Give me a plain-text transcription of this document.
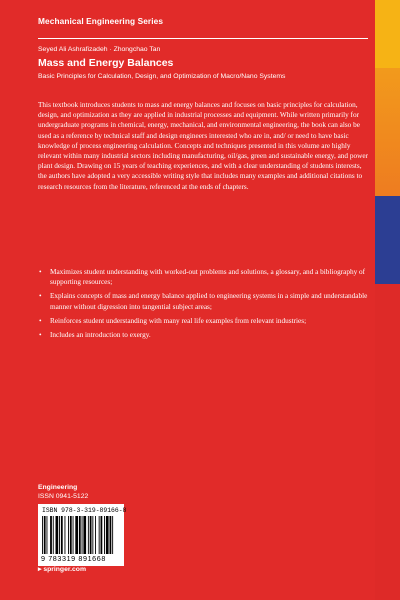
Mechanical Engineering Series
Seyed Ali Ashrafizadeh · Zhongchao Tan
Mass and Energy Balances
Basic Principles for Calculation, Design, and Optimization of Macro/Nano Systems

This textbook introduces students to mass and energy balances and focuses on basic principles for calculation, design, and optimization as they are applied in industrial processes and equipment. While written primarily for undergraduate programs in chemical, energy, mechanical, and environmental engineering, the book can also be used as a reference by technical staff and design engineers interested who are in, and/ or need to have basic knowledge of process engineering calculation. Concepts and techniques presented in this volume are highly relevant within many industrial sectors including manufacturing, oil/gas, green and sustainable energy, and power plant design. Drawing on 15 years of teaching experiences, and with a clear understanding of students interests, the authors have adopted a very accessible writing style that includes many examples and additional citations to research resources from the literature, referenced at the ends of chapters.

• Maximizes student understanding with worked-out problems and solutions, a glossary, and a bibliography of supporting resources;
• Explains concepts of mass and energy balance applied to engineering systems in a simple and understandable manner without digression into tangential subject areas;
• Reinforces student understanding with many real life examples from relevant industries;
• Includes an introduction to exergy.
Engineering
ISSN 0941-5122
ISBN 978-3-319-89166-8
9 783319 891668
▸ springer.com
